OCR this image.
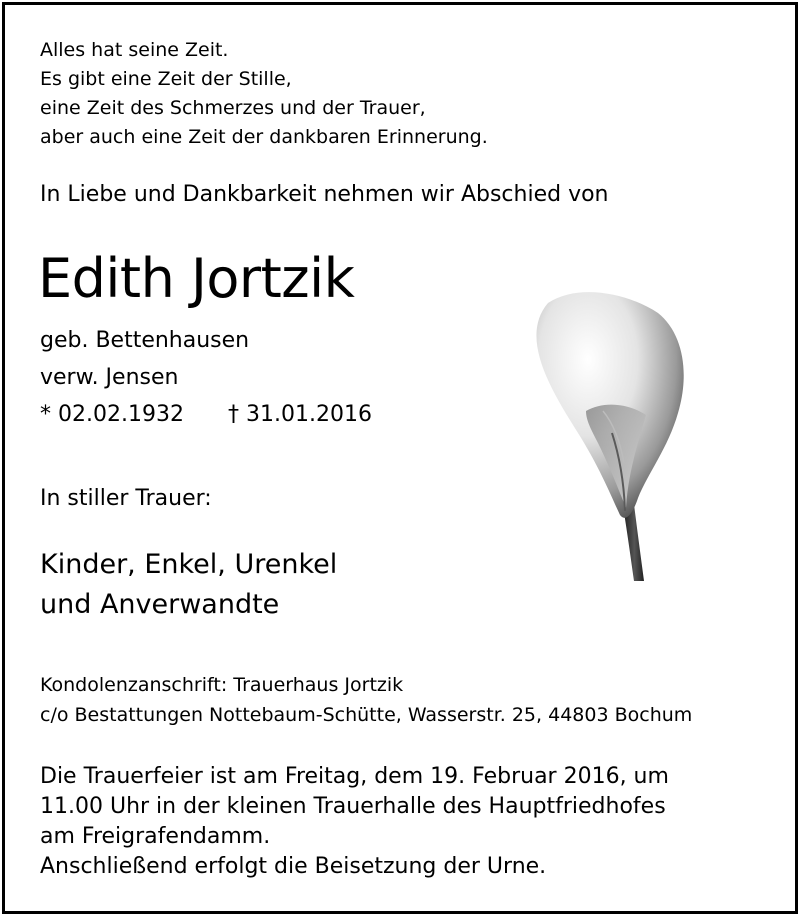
Alles hat seine Zeit.
Es gibt eine Zeit der Stille,
eine Zeit des Schmerzes und der Trauer,
aber auch eine Zeit der dankbaren Erinnerung.
In Liebe und Dankbarkeit nehmen wir Abschied von
Edith Jortzik
geb. Bettenhausen
verw. Jensen
* 02.02.1932 † 31.01.2016
In stiller Trauer:
Kinder, Enkel, Urenkel
und Anverwandte
Kondolenzanschrift: Trauerhaus Jortzik
c/o Bestattungen Nottebaum-Schütte, Wasserstr. 25, 44803 Bochum
Die Trauerfeier ist am Freitag, dem 19. Februar 2016, um
11.00 Uhr in der kleinen Trauerhalle des Hauptfriedhofes
am Freigrafendamm.
Anschließend erfolgt die Beisetzung der Urne.
